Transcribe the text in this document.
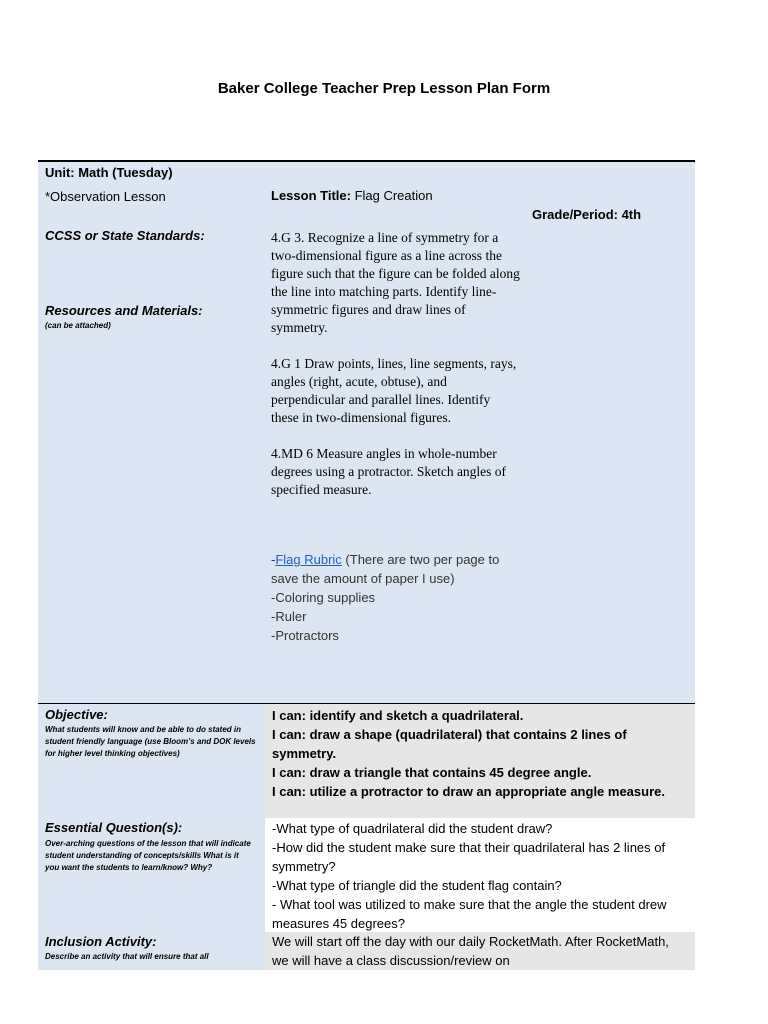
Baker College Teacher Prep Lesson Plan Form
Unit: Math (Tuesday)
*Observation Lesson
CCSS or State Standards:
Resources and Materials:
(can be attached)
Lesson Title: Flag Creation
Grade/Period: 4th

4.G 3. Recognize a line of symmetry for a two-dimensional figure as a line across the figure such that the figure can be folded along the line into matching parts. Identify line-symmetric figures and draw lines of symmetry.

4.G 1 Draw points, lines, line segments, rays, angles (right, acute, obtuse), and perpendicular and parallel lines. Identify these in two-dimensional figures.

4.MD 6 Measure angles in whole-number degrees using a protractor. Sketch angles of specified measure.

-Flag Rubric (There are two per page to save the amount of paper I use)

-Coloring supplies

-Ruler

-Protractors

Objective:
What students will know and be able to do stated in student friendly language (use Bloom’s and DOK levels for higher level thinking objectives)
I can: identify and sketch a quadrilateral.
I can: draw a shape (quadrilateral) that contains 2 lines of symmetry.
I can: draw a triangle that contains 45 degree angle.
I can: utilize a protractor to draw an appropriate angle measure.
Essential Question(s):
Over-arching questions of the lesson that will indicate student understanding of concepts/skills What is it you want the students to learn/know? Why?
-What type of quadrilateral did the student draw?
-How did the student make sure that their quadrilateral has 2 lines of symmetry?
-What type of triangle did the student flag contain?
- What tool was utilized to make sure that the angle the student drew measures 45 degrees?
Inclusion Activity:
Describe an activity that will ensure that all
We will start off the day with our daily RocketMath. After RocketMath, we will have a class discussion/review on
